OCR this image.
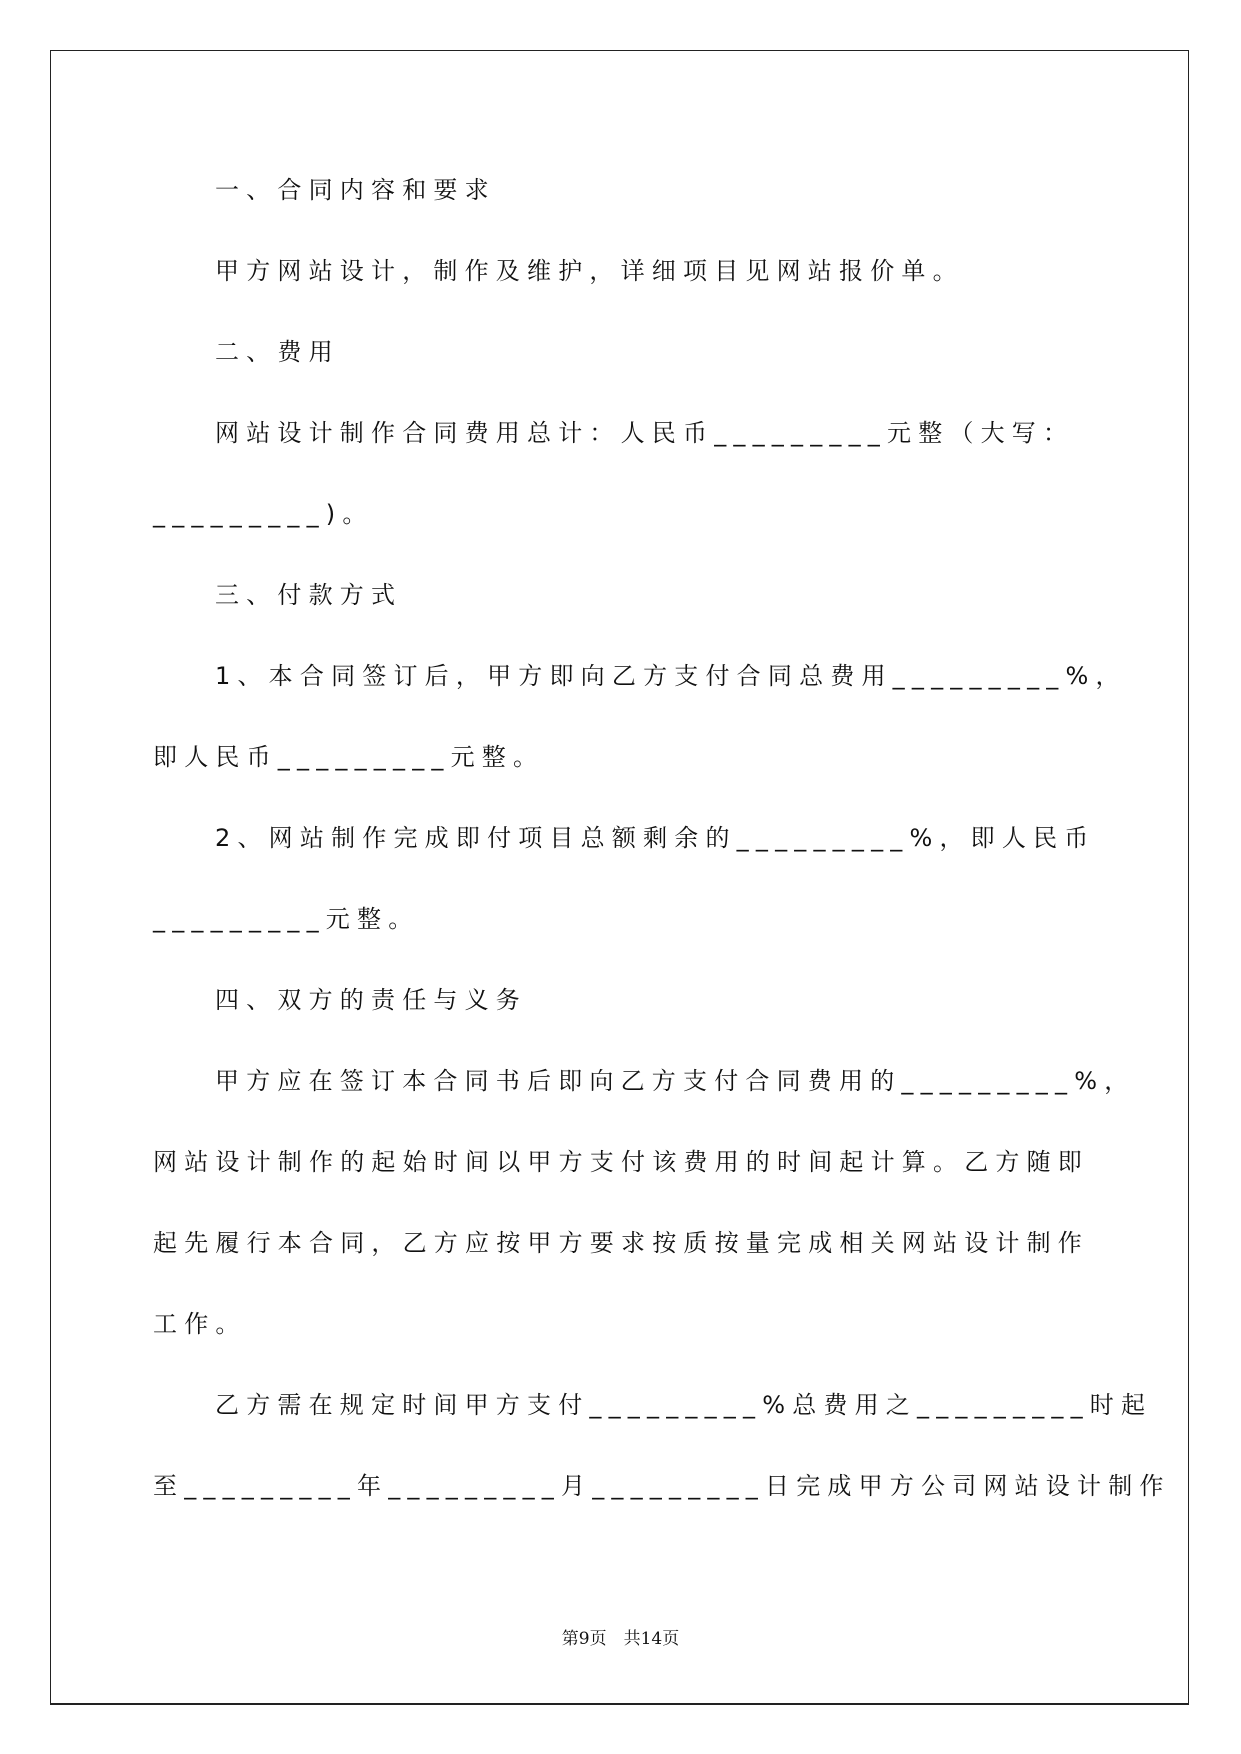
一、合同内容和要求
甲方网站设计，制作及维护，详细项目见网站报价单。
二、费用
网站设计制作合同费用总计：人民币_________元整（大写：
_________)。
三、付款方式
1、本合同签订后，甲方即向乙方支付合同总费用_________%，
即人民币_________元整。
2、网站制作完成即付项目总额剩余的_________%，即人民币
_________元整。
四、双方的责任与义务
甲方应在签订本合同书后即向乙方支付合同费用的_________%，
网站设计制作的起始时间以甲方支付该费用的时间起计算。乙方随即
起先履行本合同，乙方应按甲方要求按质按量完成相关网站设计制作
工作。
乙方需在规定时间甲方支付_________%总费用之_________时起
至_________年_________月_________日完成甲方公司网站设计制作
第9页　共14页
